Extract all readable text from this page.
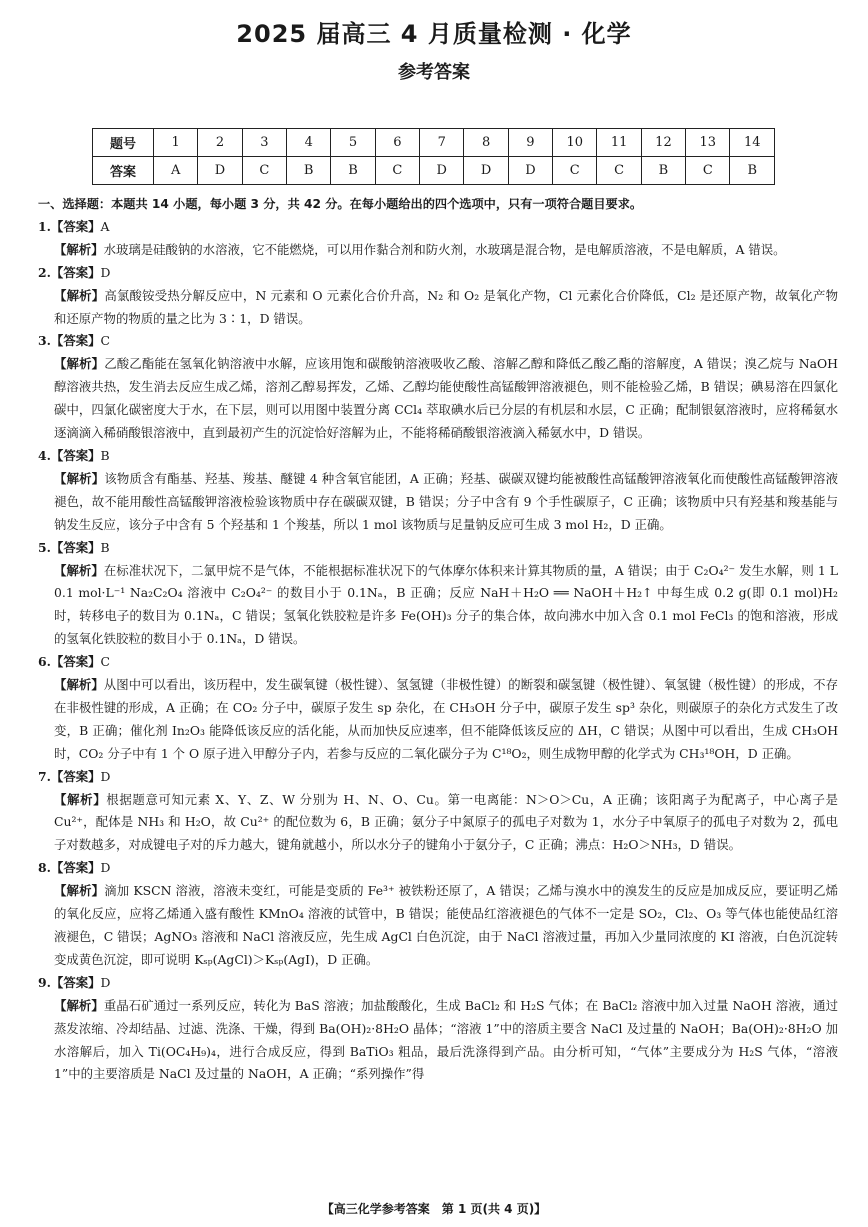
2025 届高三 4 月质量检测 · 化学
参考答案
题号	1	2	3	4	5	6	7	8	9	10	11	12	13	14
答案	A	D	C	B	B	C	D	D	D	C	C	B	C	B

一、选择题：本题共 14 小题，每小题 3 分，共 42 分。在每小题给出的四个选项中，只有一项符合题目要求。

1.【答案】A

【解析】水玻璃是硅酸钠的水溶液，它不能燃烧，可以用作黏合剂和防火剂，水玻璃是混合物，是电解质溶液，不是电解质，A 错误。

2.【答案】D

【解析】高氯酸铵受热分解反应中，N 元素和 O 元素化合价升高，N₂ 和 O₂ 是氧化产物，Cl 元素化合价降低，Cl₂ 是还原产物，故氧化产物和还原产物的物质的量之比为 3∶1，D 错误。

3.【答案】C

【解析】乙酸乙酯能在氢氧化钠溶液中水解，应该用饱和碳酸钠溶液吸收乙酸、溶解乙醇和降低乙酸乙酯的溶解度，A 错误；溴乙烷与 NaOH 醇溶液共热，发生消去反应生成乙烯，溶剂乙醇易挥发，乙烯、乙醇均能使酸性高锰酸钾溶液褪色，则不能检验乙烯，B 错误；碘易溶在四氯化碳中，四氯化碳密度大于水，在下层，则可以用图中装置分离 CCl₄ 萃取碘水后已分层的有机层和水层，C 正确；配制银氨溶液时，应将稀氨水逐滴滴入稀硝酸银溶液中，直到最初产生的沉淀恰好溶解为止，不能将稀硝酸银溶液滴入稀氨水中，D 错误。

4.【答案】B

【解析】该物质含有酯基、羟基、羧基、醚键 4 种含氧官能团，A 正确；羟基、碳碳双键均能被酸性高锰酸钾溶液氧化而使酸性高锰酸钾溶液褪色，故不能用酸性高锰酸钾溶液检验该物质中存在碳碳双键，B 错误；分子中含有 9 个手性碳原子，C 正确；该物质中只有羟基和羧基能与钠发生反应，该分子中含有 5 个羟基和 1 个羧基，所以 1 mol 该物质与足量钠反应可生成 3 mol H₂，D 正确。

5.【答案】B

【解析】在标准状况下，二氯甲烷不是气体，不能根据标准状况下的气体摩尔体积来计算其物质的量，A 错误；由于 C₂O₄²⁻ 发生水解，则 1 L 0.1 mol·L⁻¹ Na₂C₂O₄ 溶液中 C₂O₄²⁻ 的数目小于 0.1Nₐ，B 正确；反应 NaH＋H₂O ══ NaOH＋H₂↑ 中每生成 0.2 g(即 0.1 mol)H₂ 时，转移电子的数目为 0.1Nₐ，C 错误；氢氧化铁胶粒是许多 Fe(OH)₃ 分子的集合体，故向沸水中加入含 0.1 mol FeCl₃ 的饱和溶液，形成的氢氧化铁胶粒的数目小于 0.1Nₐ，D 错误。

6.【答案】C

【解析】从图中可以看出，该历程中，发生碳氧键（极性键）、氢氢键（非极性键）的断裂和碳氢键（极性键）、氧氢键（极性键）的形成，不存在非极性键的形成，A 正确；在 CO₂ 分子中，碳原子发生 sp 杂化，在 CH₃OH 分子中，碳原子发生 sp³ 杂化，则碳原子的杂化方式发生了改变，B 正确；催化剂 In₂O₃ 能降低该反应的活化能，从而加快反应速率，但不能降低该反应的 ΔH，C 错误；从图中可以看出，生成 CH₃OH 时，CO₂ 分子中有 1 个 O 原子进入甲醇分子内，若参与反应的二氧化碳分子为 C¹⁸O₂，则生成物甲醇的化学式为 CH₃¹⁸OH，D 正确。

7.【答案】D

【解析】根据题意可知元素 X、Y、Z、W 分别为 H、N、O、Cu。第一电离能：N＞O＞Cu，A 正确；该阳离子为配离子，中心离子是 Cu²⁺，配体是 NH₃ 和 H₂O，故 Cu²⁺ 的配位数为 6，B 正确；氨分子中氮原子的孤电子对数为 1，水分子中氧原子的孤电子对数为 2，孤电子对数越多，对成键电子对的斥力越大，键角就越小，所以水分子的键角小于氨分子，C 正确；沸点：H₂O＞NH₃，D 错误。

8.【答案】D

【解析】滴加 KSCN 溶液，溶液未变红，可能是变质的 Fe³⁺ 被铁粉还原了，A 错误；乙烯与溴水中的溴发生的反应是加成反应，要证明乙烯的氧化反应，应将乙烯通入盛有酸性 KMnO₄ 溶液的试管中，B 错误；能使品红溶液褪色的气体不一定是 SO₂，Cl₂、O₃ 等气体也能使品红溶液褪色，C 错误；AgNO₃ 溶液和 NaCl 溶液反应，先生成 AgCl 白色沉淀，由于 NaCl 溶液过量，再加入少量同浓度的 KI 溶液，白色沉淀转变成黄色沉淀，即可说明 Kₛₚ(AgCl)＞Kₛₚ(AgI)，D 正确。

9.【答案】D

【解析】重晶石矿通过一系列反应，转化为 BaS 溶液；加盐酸酸化，生成 BaCl₂ 和 H₂S 气体；在 BaCl₂ 溶液中加入过量 NaOH 溶液，通过蒸发浓缩、冷却结晶、过滤、洗涤、干燥，得到 Ba(OH)₂·8H₂O 晶体；“溶液 1”中的溶质主要含 NaCl 及过量的 NaOH；Ba(OH)₂·8H₂O 加水溶解后，加入 Ti(OC₄H₉)₄，进行合成反应，得到 BaTiO₃ 粗品，最后洗涤得到产品。由分析可知，“气体”主要成分为 H₂S 气体，“溶液 1”中的主要溶质是 NaCl 及过量的 NaOH，A 正确；“系列操作”得

【高三化学参考答案　第 1 页(共 4 页)】
